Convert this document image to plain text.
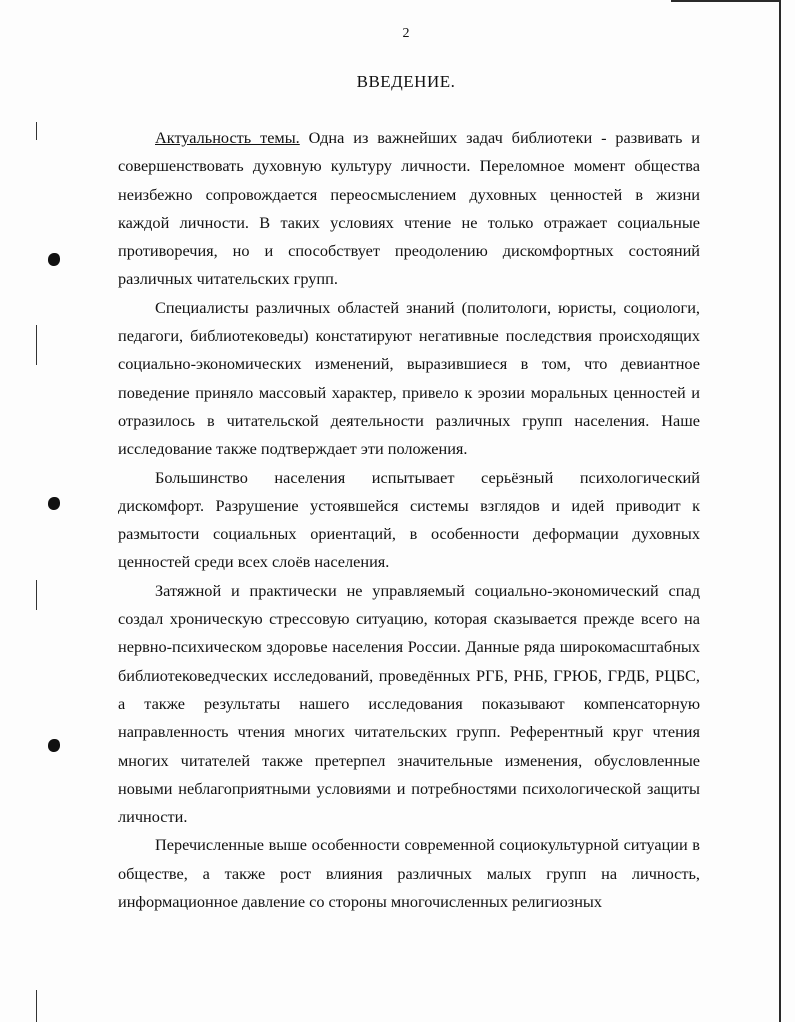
2
ВВЕДЕНИЕ.

Актуальность темы. Одна из важнейших задач библиотеки - развивать и совершенствовать духовную культуру личности. Переломное момент общества неизбежно сопровождается переосмыслением духовных ценностей в жизни каждой личности. В таких условиях чтение не только отражает социальные противоречия, но и способствует преодолению дискомфортных состояний различных читательских групп.

Специалисты различных областей знаний (политологи, юристы, социологи, педагоги, библиотековеды) констатируют негативные последствия происходящих социально-экономических изменений, выразившиеся в том, что девиантное поведение приняло массовый характер, привело к эрозии моральных ценностей и отразилось в читательской деятельности различных групп населения. Наше исследование также подтверждает эти положения.

Большинство населения испытывает серьёзный психологический дискомфорт. Разрушение устоявшейся системы взглядов и идей приводит к размытости социальных ориентаций, в особенности деформации духовных ценностей среди всех слоёв населения.

Затяжной и практически не управляемый социально-экономический спад создал хроническую стрессовую ситуацию, которая сказывается прежде всего на нервно-психическом здоровье населения России. Данные ряда широкомасштабных библиотековедческих исследований, проведённых РГБ, РНБ, ГРЮБ, ГРДБ, РЦБС, а также результаты нашего исследования показывают компенсаторную направленность чтения многих читательских групп. Референтный круг чтения многих читателей также претерпел значительные изменения, обусловленные новыми неблагоприятными условиями и потребностями психологической защиты личности.

Перечисленные выше особенности современной социокультурной ситуации в обществе, а также рост влияния различных малых групп на личность, информационное давление со стороны многочисленных религиозных
